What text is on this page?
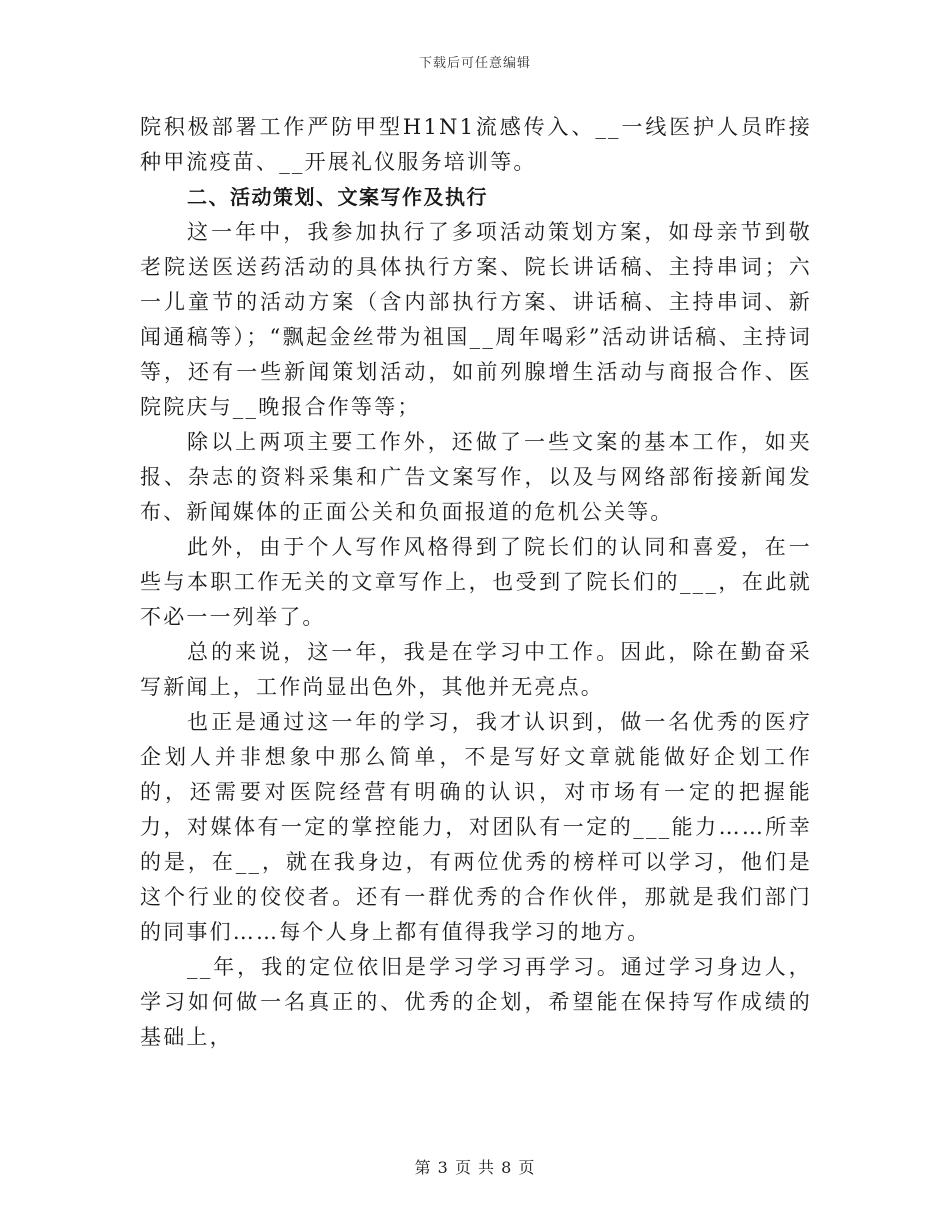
下载后可任意编辑

院积极部署工作严防甲型H1N1流感传入、__一线医护人员昨接种甲流疫苗、__开展礼仪服务培训等。

二、活动策划、文案写作及执行

这一年中，我参加执行了多项活动策划方案，如母亲节到敬老院送医送药活动的具体执行方案、院长讲话稿、主持串词；六一儿童节的活动方案（含内部执行方案、讲话稿、主持串词、新闻通稿等）；“飘起金丝带为祖国__周年喝彩”活动讲话稿、主持词等，还有一些新闻策划活动，如前列腺增生活动与商报合作、医院院庆与__晚报合作等等；

除以上两项主要工作外，还做了一些文案的基本工作，如夹报、杂志的资料采集和广告文案写作，以及与网络部衔接新闻发布、新闻媒体的正面公关和负面报道的危机公关等。

此外，由于个人写作风格得到了院长们的认同和喜爱，在一些与本职工作无关的文章写作上，也受到了院长们的___，在此就不必一一列举了。

总的来说，这一年，我是在学习中工作。因此，除在勤奋采写新闻上，工作尚显出色外，其他并无亮点。

也正是通过这一年的学习，我才认识到，做一名优秀的医疗企划人并非想象中那么简单，不是写好文章就能做好企划工作的，还需要对医院经营有明确的认识，对市场有一定的把握能力，对媒体有一定的掌控能力，对团队有一定的___能力……所幸的是，在__，就在我身边，有两位优秀的榜样可以学习，他们是这个行业的佼佼者。还有一群优秀的合作伙伴，那就是我们部门的同事们……每个人身上都有值得我学习的地方。

__年，我的定位依旧是学习学习再学习。通过学习身边人，学习如何做一名真正的、优秀的企划，希望能在保持写作成绩的基础上，

第 3 页 共 8 页
